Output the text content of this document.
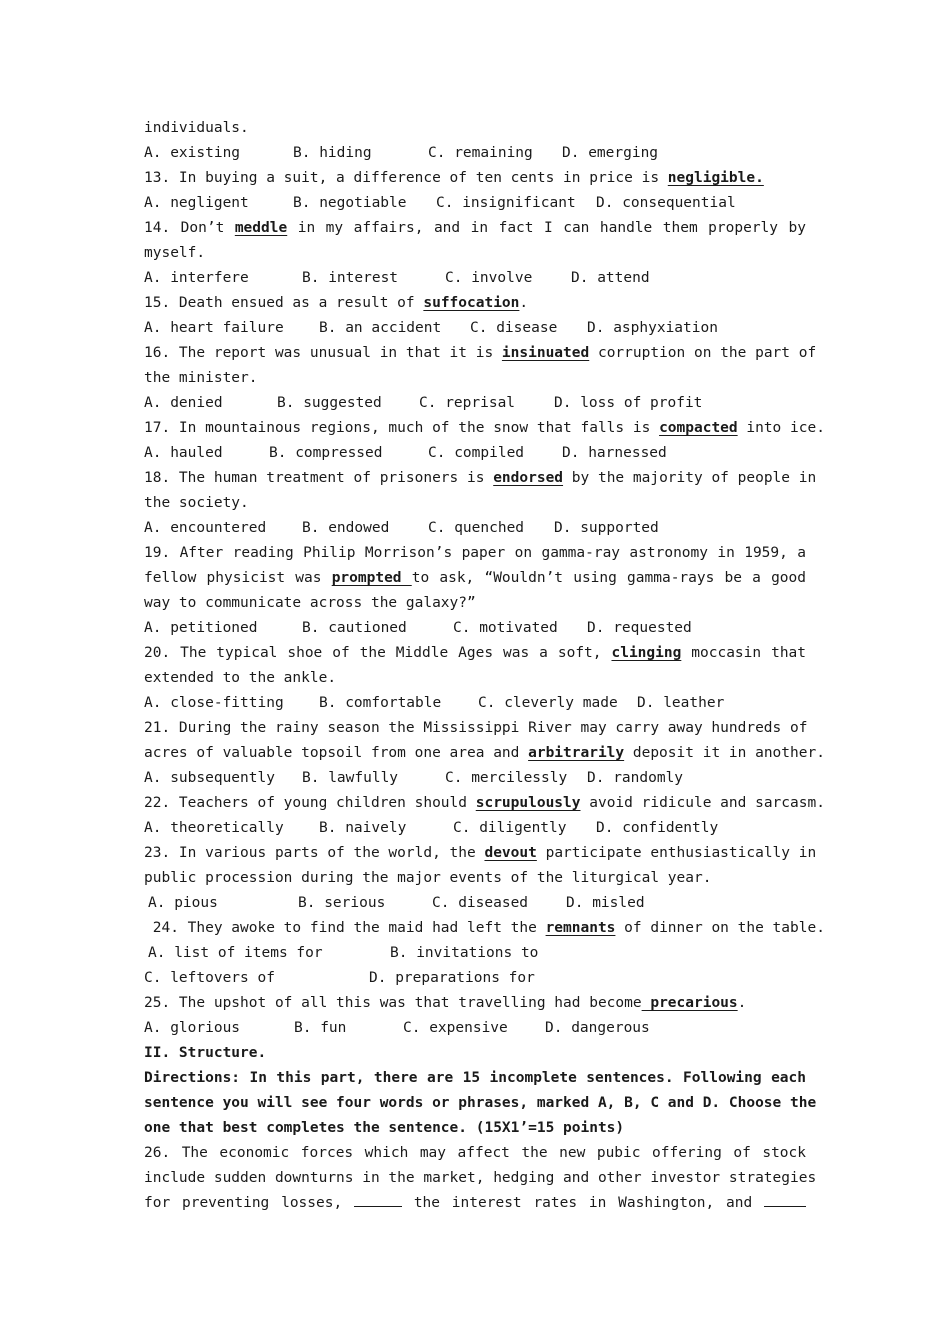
individuals.
A. existing	B. hiding	C. remaining D. emerging
13. In buying a suit, a difference of ten cents in price is negligible.
A. negligent	B. negotiable C. insignificant D. consequential
14. Don’t meddle in my affairs, and in fact I can handle them properly by
myself.
A. interfere	B. interest	C. involve	D. attend
15. Death ensued as a result of suffocation.
A. heart failure B. an accident C. disease D. asphyxiation
16. The report was unusual in that it is insinuated corruption on the part of
the minister.
A. denied	B. suggested	C. reprisal	D. loss of profit
17. In mountainous regions, much of the snow that falls is compacted into ice.
A. hauled	B. compressed	C. compiled	D. harnessed
18. The human treatment of prisoners is endorsed by the majority of people in
the society.
A. encountered B. endowed	C. quenched D. supported
19. After reading Philip Morrison’s paper on gamma-ray astronomy in 1959, a
fellow physicist was prompted to ask, “Wouldn’t using gamma-rays be a good
way to communicate across the galaxy?”
A. petitioned	B. cautioned	C. motivated D. requested
20. The typical shoe of the Middle Ages was a soft, clinging moccasin that
extended to the ankle.
A. close-fitting B. comfortable	C. cleverly made D. leather
21. During the rainy season the Mississippi River may carry away hundreds of
acres of valuable topsoil from one area and arbitrarily deposit it in another.
A. subsequently B. lawfully	C. mercilessly D. randomly
22. Teachers of young children should scrupulously avoid ridicule and sarcasm.
A. theoretically B. naively	C. diligently D. confidently
23. In various parts of the world, the devout participate enthusiastically in
public procession during the major events of the liturgical year.
A. pious	B. serious	C. diseased	D. misled
24. They awoke to find the maid had left the remnants of dinner on the table.
A. list of items for	B. invitations to
C. leftovers of	D. preparations for
25. The upshot of all this was that travelling had become precarious.
A. glorious	B. fun	C. expensive	D. dangerous
II. Structure.
Directions: In this part, there are 15 incomplete sentences. Following each
sentence you will see four words or phrases, marked A, B, C and D. Choose the
one that best completes the sentence. (15X1’=15 points)
26. The economic forces which may affect the new pubic offering of stock
include sudden downturns in the market, hedging and other investor strategies
for preventing losses,	the interest rates in Washington, and
